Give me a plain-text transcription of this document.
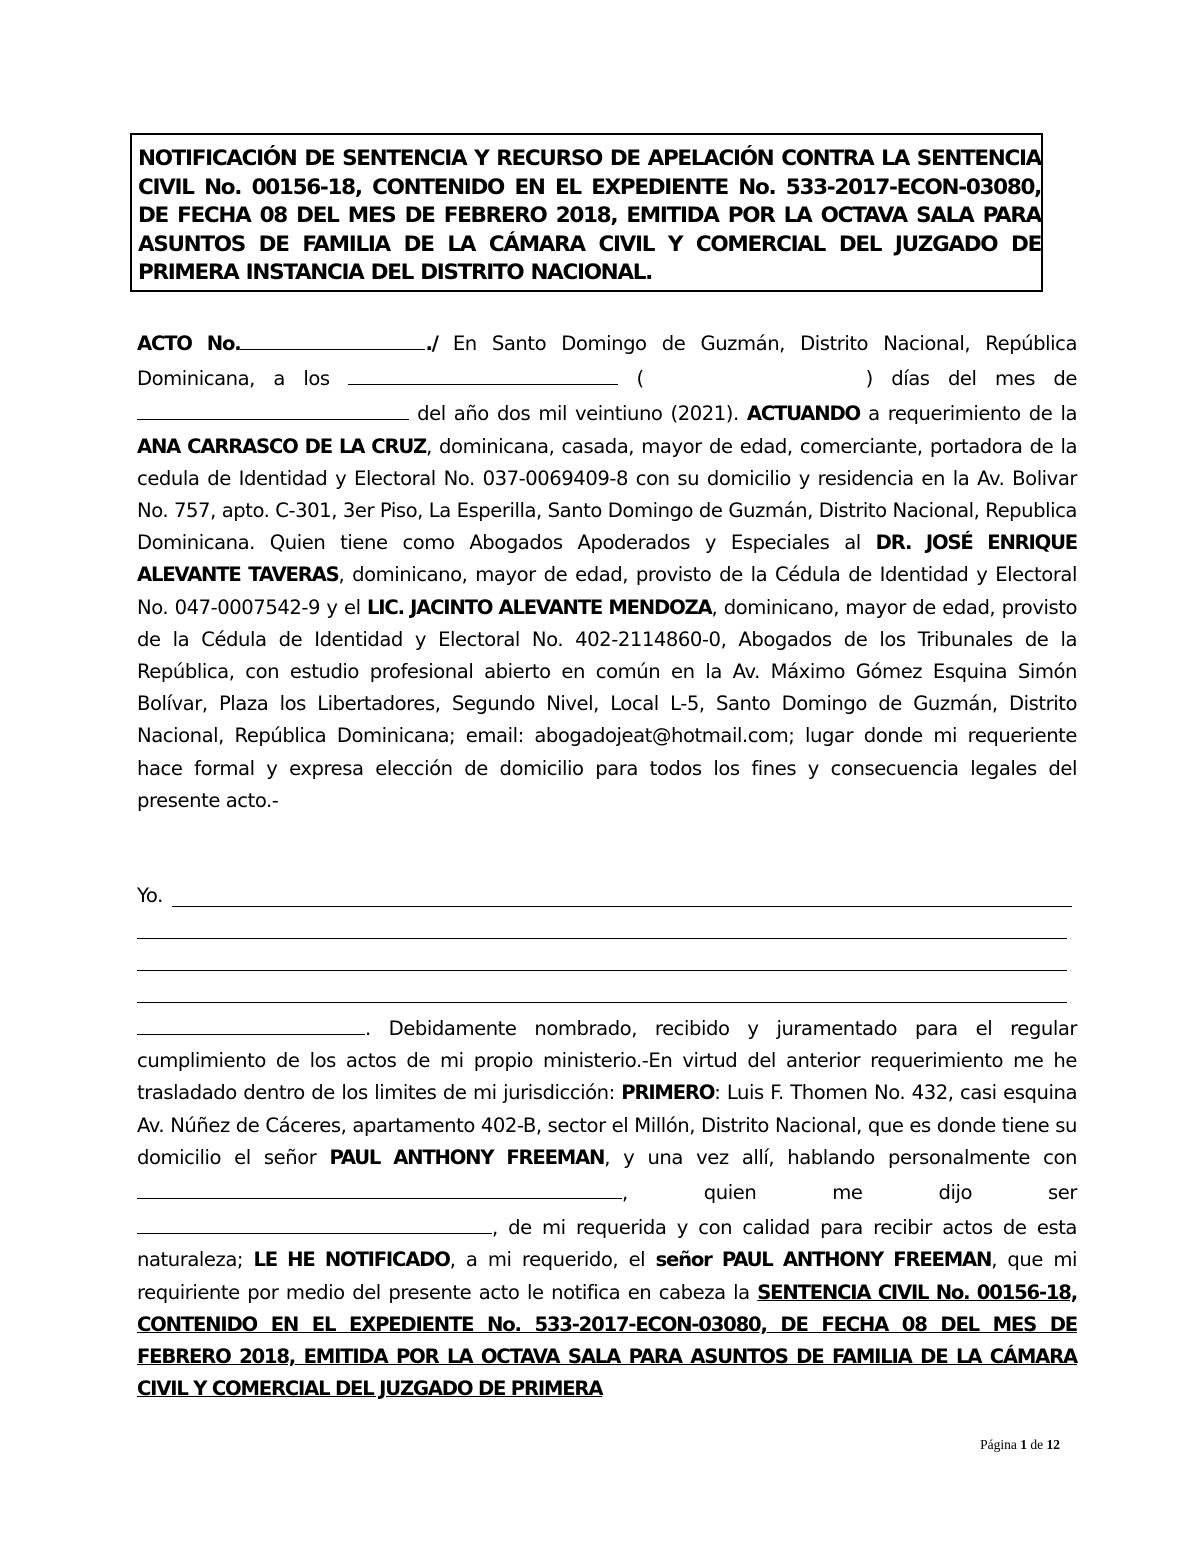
NOTIFICACIÓN DE SENTENCIA Y RECURSO DE APELACIÓN CONTRA LA SENTENCIA CIVIL No. 00156-18, CONTENIDO EN EL EXPEDIENTE No. 533-2017-ECON-03080, DE FECHA 08 DEL MES DE FEBRERO 2018, EMITIDA POR LA OCTAVA SALA PARA ASUNTOS DE FAMILIA DE LA CÁMARA CIVIL Y COMERCIAL DEL JUZGADO DE PRIMERA INSTANCIA DEL DISTRITO NACIONAL.

ACTO No.	./ En Santo Domingo de Guzmán, Distrito Nacional, República Dominicana, a los	(	) días del mes de  del año dos mil veintiuno (2021). ACTUANDO a requerimiento de la ANA CARRASCO DE LA CRUZ, dominicana, casada, mayor de edad, comerciante, portadora de la cedula de Identidad y Electoral No. 037-0069409-8 con su domicilio y residencia en la Av. Bolivar No. 757, apto. C-301, 3er Piso, La Esperilla, Santo Domingo de Guzmán, Distrito Nacional, Republica Dominicana. Quien tiene como Abogados Apoderados y Especiales al DR. JOSÉ ENRIQUE ALEVANTE TAVERAS, dominicano, mayor de edad, provisto de la Cédula de Identidad y Electoral No. 047-0007542-9 y el LIC. JACINTO ALEVANTE MENDOZA, dominicano, mayor de edad, provisto de la Cédula de Identidad y Electoral No. 402-2114860-0, Abogados de los Tribunales de la República, con estudio profesional abierto en común en la Av. Máximo Gómez Esquina Simón Bolívar, Plaza los Libertadores, Segundo Nivel, Local L-5, Santo Domingo de Guzmán, Distrito Nacional, República Dominicana; email: abogadojeat@hotmail.com; lugar donde mi requeriente hace formal y expresa elección de domicilio para todos los fines y consecuencia legales del presente acto.-

Yo.

. Debidamente nombrado, recibido y juramentado para el regular cumplimiento de los actos de mi propio ministerio.-En virtud del anterior requerimiento me he trasladado dentro de los limites de mi jurisdicción: PRIMERO: Luis F. Thomen No. 432, casi esquina Av. Núñez de Cáceres, apartamento 402-B, sector el Millón, Distrito Nacional, que es donde tiene su domicilio el señor PAUL ANTHONY FREEMAN, y una vez allí, hablando personalmente con , quien me dijo ser , de mi requerida y con calidad para recibir actos de esta naturaleza; LE HE NOTIFICADO, a mi requerido, el señor PAUL ANTHONY FREEMAN, que mi requiriente por medio del presente acto le notifica en cabeza la SENTENCIA CIVIL No. 00156-18, CONTENIDO EN EL EXPEDIENTE No. 533-2017-ECON-03080, DE FECHA 08 DEL MES DE FEBRERO 2018, EMITIDA POR LA OCTAVA SALA PARA ASUNTOS DE FAMILIA DE LA CÁMARA CIVIL Y COMERCIAL DEL JUZGADO DE PRIMERA

Página 1 de 12
